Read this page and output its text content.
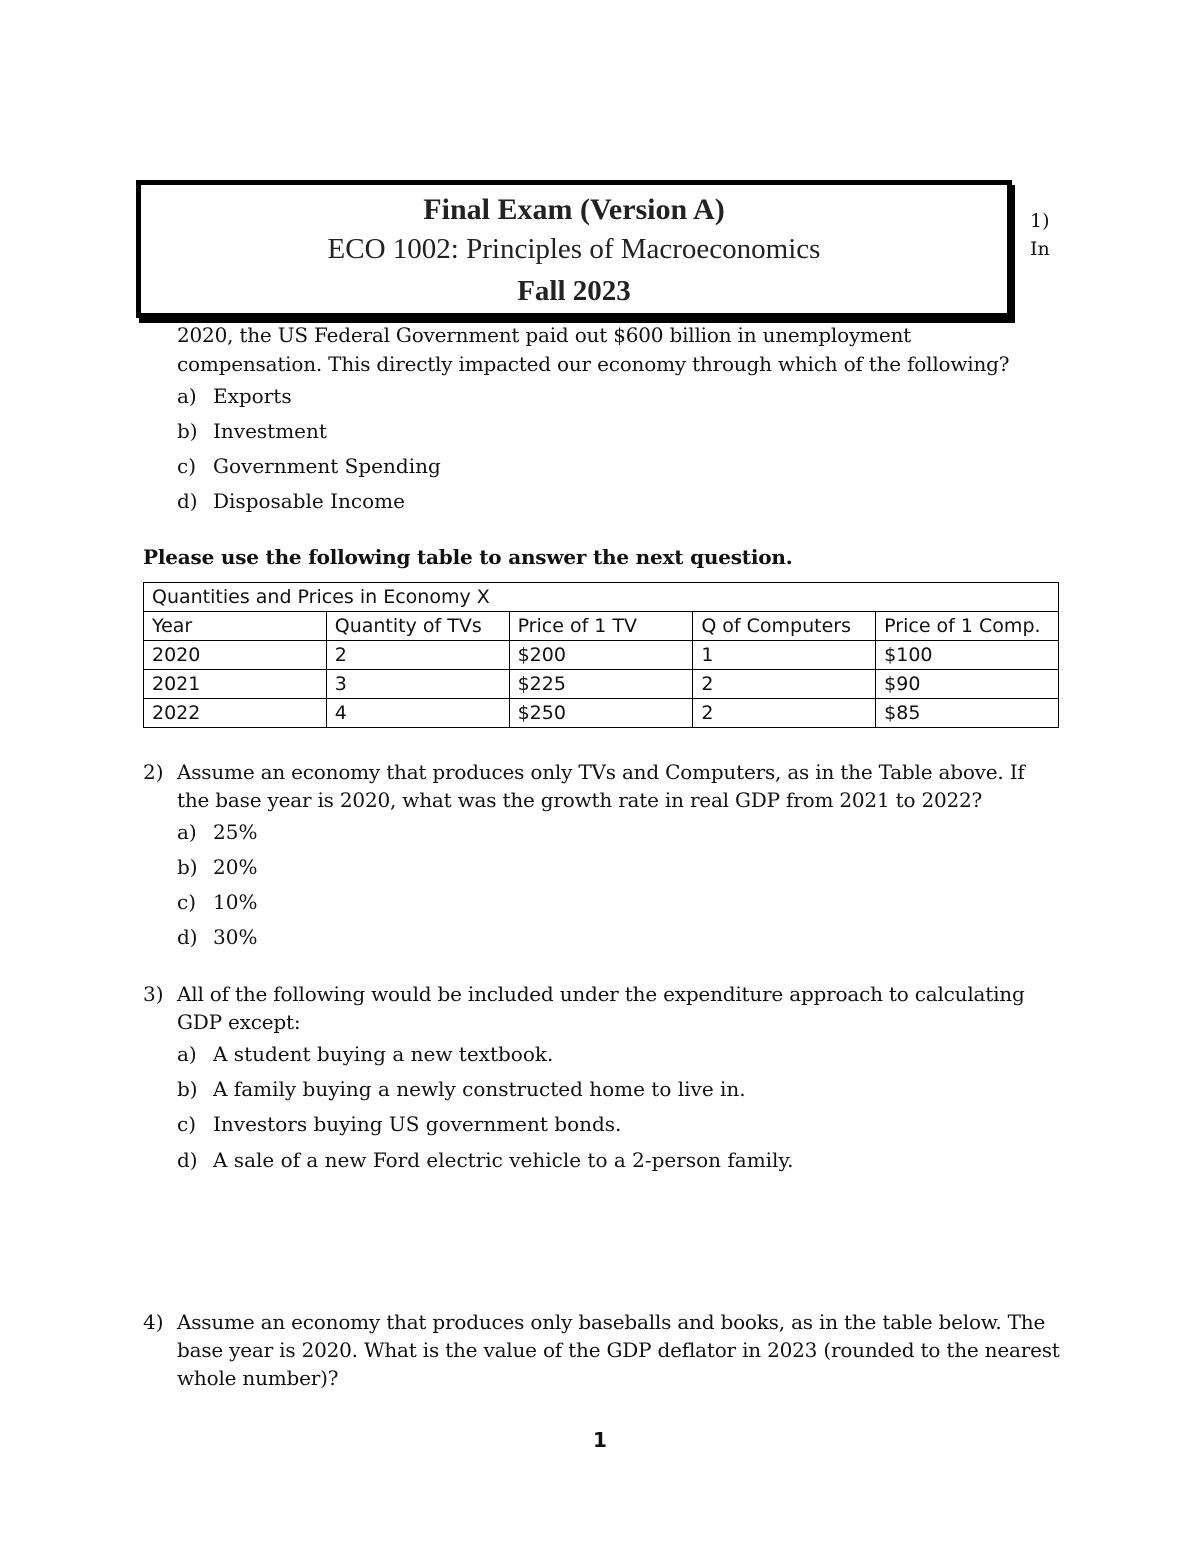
Final Exam (Version A)
ECO 1002: Principles of Macroeconomics
Fall 2023
1)
In
2020, the US Federal Government paid out $600 billion in unemployment
compensation. This directly impacted our economy through which of the following?
a) Exports
b) Investment
c) Government Spending
d) Disposable Income
Please use the following table to answer the next question.
Quantities and Prices in Economy X				
Year	Quantity of TVs	Price of 1 TV	Q of Computers	Price of 1 Comp.
2020	2	$200	1	$100
2021	3	$225	2	$90
2022	4	$250	2	$85
2) Assume an economy that produces only TVs and Computers, as in the Table above. If
the base year is 2020, what was the growth rate in real GDP from 2021 to 2022?
a) 25%
b) 20%
c) 10%
d) 30%
3) All of the following would be included under the expenditure approach to calculating
GDP except:
a) A student buying a new textbook.
b) A family buying a newly constructed home to live in.
c) Investors buying US government bonds.
d) A sale of a new Ford electric vehicle to a 2-person family.
4) Assume an economy that produces only baseballs and books, as in the table below. The
base year is 2020. What is the value of the GDP deflator in 2023 (rounded to the nearest
whole number)?
1
